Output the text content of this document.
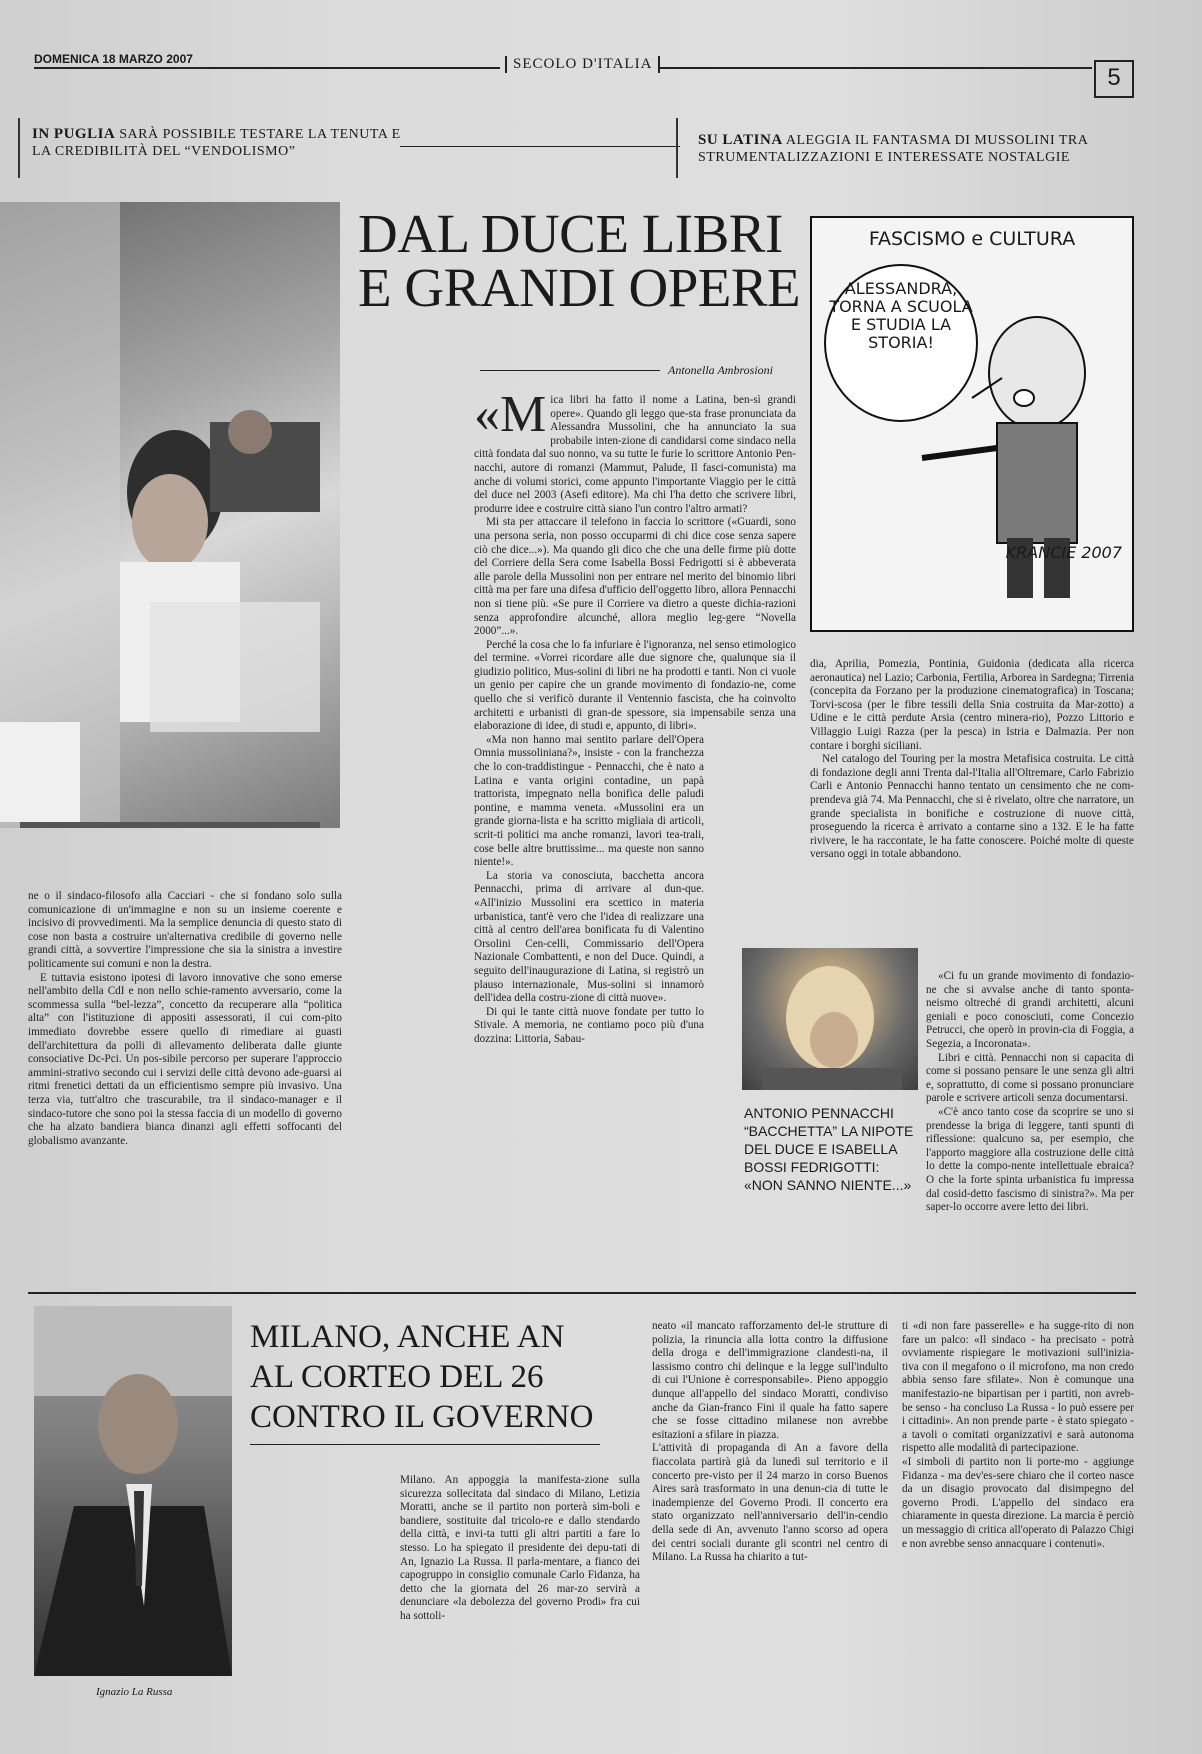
DOMENICA 18 MARZO 2007	SECOLO D'ITALIA	5
IN PUGLIA SARÀ POSSIBILE TESTARE LA TENUTA E LA CREDIBILITÀ DEL “VENDOLISMO”
SU LATINA ALEGGIA IL FANTASMA DI MUSSOLINI TRA STRUMENTALIZZAZIONI E INTERESSATE NOSTALGIE
DAL DUCE LIBRI
E GRANDI OPERE
Antonella Ambrosioni

«Mica libri ha fatto il nome a Latina, ben-sì grandi opere». Quando gli leggo que-sta frase pronunciata da Alessandra Mussolini, che ha annunciato la sua probabile inten-zione di candidarsi come sindaco nella città fondata dal suo nonno, va su tutte le furie lo scrittore Antonio Pen-nacchi, autore di romanzi (Mammut, Palude, Il fasci-comunista) ma anche di volumi storici, come appunto l'importante Viaggio per le città del duce nel 2003 (Asefi editore). Ma chi l'ha detto che scrivere libri, produrre idee e costruire città siano l'un contro l'altro armati?

Mi sta per attaccare il telefono in faccia lo scrittore («Guardi, sono una persona seria, non posso occuparmi di chi dice cose senza sapere ciò che dice...»). Ma quando gli dico che che una delle firme più dotte del Corriere della Sera come Isabella Bossi Fedrigotti si è abbeverata alle parole della Mussolini non per entrare nel merito del binomio libri città ma per fare una difesa d'ufficio dell'oggetto libro, allora Pennacchi non si tiene più. «Se pure il Corriere va dietro a queste dichia-razioni senza approfondire alcunché, allora meglio leg-gere “Novella 2000”...».

Perché la cosa che lo fa infuriare è l'ignoranza, nel senso etimologico del termine. «Vorrei ricordare alle due signore che, qualunque sia il giudizio politico, Mus-solini di libri ne ha prodotti e tanti. Non ci vuole un genio per capire che un grande movimento di fondazio-ne, come quello che si verificò durante il Ventennio fascista, che ha coinvolto architetti e urbanisti di gran-de spessore, sia impensabile senza una elaborazione di idee, di studi e, appunto, di libri».

«Ma non hanno mai sentito parlare dell'Opera Omnia mussoliniana?», insiste - con la franchezza che lo con-traddistingue - Pennacchi, che è nato a Latina e vanta origini contadine, un papà trattorista, impegnato nella bonifica delle paludi pontine, e mamma veneta. «Mussolini era un grande giorna-lista e ha scritto migliaia di articoli, scrit-ti politici ma anche romanzi, lavori tea-trali, cose belle altre bruttissime... ma queste non sanno niente!».

La storia va conosciuta, bacchetta ancora Pennacchi, prima di arrivare al dun-que. «All'inizio Mussolini era scettico in materia urbanistica, tant'è vero che l'idea di realizzare una città al centro dell'area bonificata fu di Valentino Orsolini Cen-celli, Commissario dell'Opera Nazionale Combattenti, e non del Duce. Quindi, a seguito dell'inaugurazione di Latina, si registrò un plauso internazionale, Mus-solini si innamorò dell'idea della costru-zione di città nuove».

Di qui le tante città nuove fondate per tutto lo Stivale. A memoria, ne contiamo poco più d'una dozzina: Littoria, Sabau-

FASCISMO e CULTURA
ALESSANDRA, TORNA A SCUOLA E STUDIA LA STORIA!
KRANCIE 2007

dia, Aprilia, Pomezia, Pontinia, Guidonia (dedicata alla ricerca aeronautica) nel Lazio; Carbonia, Fertilia, Arborea in Sardegna; Tirrenia (concepita da Forzano per la produzione cinematografica) in Toscana; Torvi-scosa (per le fibre tessili della Snia costruita da Mar-zotto) a Udine e le città perdute Arsia (centro minera-rio), Pozzo Littorio e Villaggio Luigi Razza (per la pesca) in Istria e Dalmazia. Per non contare i borghi siciliani.

Nel catalogo del Touring per la mostra Metafisica costruita. Le città di fondazione degli anni Trenta dal-l'Italia all'Oltremare, Carlo Fabrizio Carli e Antonio Pennacchi hanno tentato un censimento che ne com-prendeva già 74. Ma Pennacchi, che si è rivelato, oltre che narratore, un grande specialista in bonifiche e costruzione di nuove città, proseguendo la ricerca è arrivato a contarne sino a 132. E le ha fatte rivivere, le ha raccontate, le ha fatte conoscere. Poiché molte di queste versano oggi in totale abbandono.

«Ci fu un grande movimento di fondazio-ne che si avvalse anche di tanto sponta-neismo oltreché di grandi architetti, alcuni geniali e poco conosciuti, come Concezio Petrucci, che operò in provin-cia di Foggia, a Segezia, a Incoronata».

Libri e città. Pennacchi non si capacita di come si possano pensare le une senza gli altri e, soprattutto, di come si possano pronunciare parole e scrivere articoli senza documentarsi.

«C'è anco tanto cose da scoprire se uno si prendesse la briga di leggere, tanti spunti di riflessione: qualcuno sa, per esempio, che l'apporto maggiore alla costruzione delle città lo dette la compo-nente intellettuale ebraica? O che la forte spinta urbanistica fu impressa dal cosid-detto fascismo di sinistra?». Ma per saper-lo occorre avere letto dei libri.

ANTONIO PENNACCHI “BACCHETTA” LA NIPOTE DEL DUCE E ISABELLA BOSSI FEDRIGOTTI: «NON SANNO NIENTE...»

ne o il sindaco-filosofo alla Cacciari - che si fondano solo sulla comunicazione di un'immagine e non su un insieme coerente e incisivo di provvedimenti. Ma la semplice denuncia di questo stato di cose non basta a costruire un'alternativa credibile di governo nelle grandi città, a sovvertire l'impressione che sia la sinistra a investire politicamente sui comuni e non la destra.

E tuttavia esistono ipotesi di lavoro innovative che sono emerse nell'ambito della CdI e non nello schie-ramento avversario, come la scommessa sulla “bel-lezza”, concetto da recuperare alla “politica alta” con l'istituzione di appositi assessorati, il cui com-pito immediato dovrebbe essere quello di rimediare ai guasti dell'architettura da polli di allevamento deliberata dalle giunte consociative Dc-Pci. Un pos-sibile percorso per superare l'approccio ammini-strativo secondo cui i servizi delle città devono ade-guarsi ai ritmi frenetici dettati da un efficientismo sempre più invasivo. Una terza via, tutt'altro che trascurabile, tra il sindaco-manager e il sindaco-tutore che sono poi la stessa faccia di un modello di governo che ha alzato bandiera bianca dinanzi agli effetti soffocanti del globalismo avanzante.

Ignazio La Russa
MILANO, ANCHE AN
AL CORTEO DEL 26
CONTRO IL GOVERNO
Milano. An appoggia la manifesta-zione sulla sicurezza sollecitata dal sindaco di Milano, Letizia Moratti, anche se il partito non porterà sim-boli e bandiere, sostituite dal tricolo-re e dallo stendardo della città, e invi-ta tutti gli altri partiti a fare lo stesso. Lo ha spiegato il presidente dei depu-tati di An, Ignazio La Russa. Il parla-mentare, a fianco dei capogruppo in consiglio comunale Carlo Fidanza, ha detto che la giornata del 26 mar-zo servirà a denunciare «la debolezza del governo Prodi» fra cui ha sottoli-
neato «il mancato rafforzamento del-le strutture di polizia, la rinuncia alla lotta contro la diffusione della droga e dell'immigrazione clandesti-na, il lassismo contro chi delinque e la legge sull'indulto di cui l'Unione è corresponsabile». Pieno appoggio dunque all'appello del sindaco Moratti, condiviso anche da Gian-franco Fini il quale ha fatto sapere che se fosse cittadino milanese non avrebbe esitazioni a sfilare in piazza.
L'attività di propaganda di An a favore della fiaccolata partirà già da lunedì sul territorio e il concerto pre-visto per il 24 marzo in corso Buenos Aires sarà trasformato in una denun-cia di tutte le inadempienze del Governo Prodi. Il concerto era stato organizzato nell'anniversario dell'in-cendio della sede di An, avvenuto l'anno scorso ad opera dei centri sociali durante gli scontri nel centro di Milano. La Russa ha chiarito a tut-
ti «di non fare passerelle» e ha sugge-rito di non fare un palco: «Il sindaco - ha precisato - potrà ovviamente rispiegare le motivazioni sull'inizia-tiva con il megafono o il microfono, ma non credo abbia senso fare sfilate». Non è comunque una manifestazio-ne bipartisan per i partiti, non avreb-be senso - ha concluso La Russa - lo può essere per i cittadini». An non prende parte - è stato spiegato - a tavoli o comitati organizzativi e sarà autonoma rispetto alle modalità di partecipazione.
«I simboli di partito non li porte-mo - aggiunge Fidanza - ma dev'es-sere chiaro che il corteo nasce da un disagio provocato dal disimpegno del governo Prodi. L'appello del sindaco era chiaramente in questa direzione. La marcia è perciò un messaggio di critica all'operato di Palazzo Chigi e non avrebbe senso annacquare i contenuti».
